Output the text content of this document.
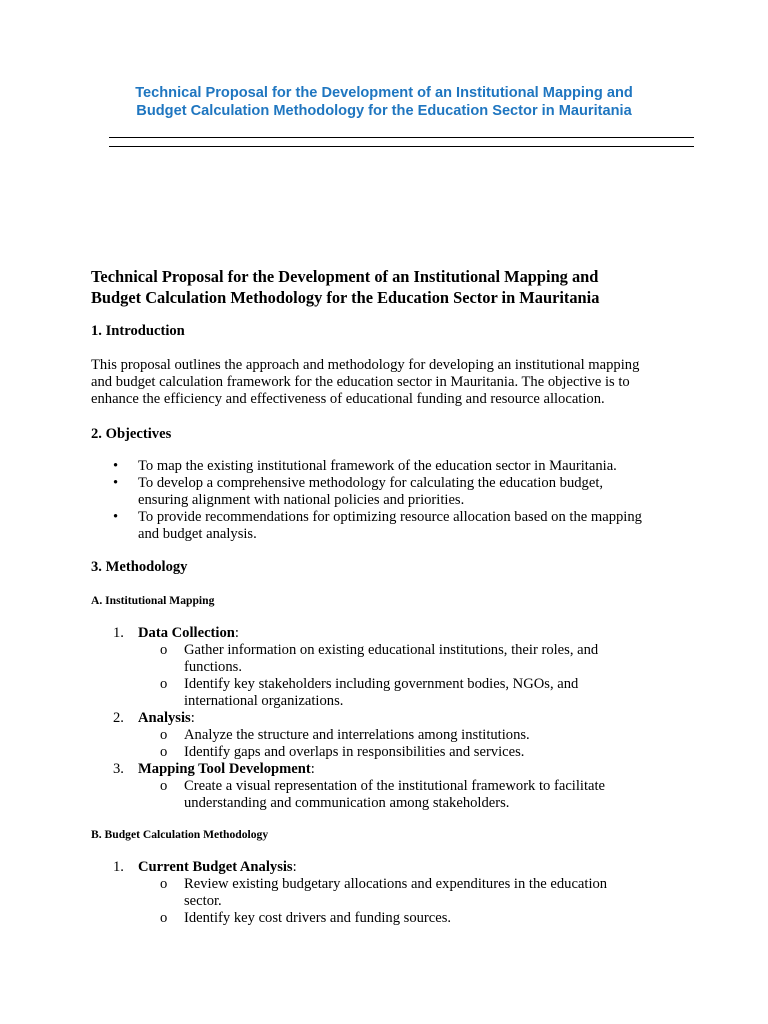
Technical Proposal for the Development of an Institutional Mapping and
Budget Calculation Methodology for the Education Sector in Mauritania
Technical Proposal for the Development of an Institutional Mapping and
Budget Calculation Methodology for the Education Sector in Mauritania
1. Introduction
This proposal outlines the approach and methodology for developing an institutional mapping
and budget calculation framework for the education sector in Mauritania. The objective is to
enhance the efficiency and effectiveness of educational funding and resource allocation.
2. Objectives
• To map the existing institutional framework of the education sector in Mauritania.
• To develop a comprehensive methodology for calculating the education budget,
ensuring alignment with national policies and priorities.
• To provide recommendations for optimizing resource allocation based on the mapping
and budget analysis.
3. Methodology
A. Institutional Mapping
1. Data Collection:
o Gather information on existing educational institutions, their roles, and
functions.
o Identify key stakeholders including government bodies, NGOs, and
international organizations.
2. Analysis:
o Analyze the structure and interrelations among institutions.
o Identify gaps and overlaps in responsibilities and services.
3. Mapping Tool Development:
o Create a visual representation of the institutional framework to facilitate
understanding and communication among stakeholders.
B. Budget Calculation Methodology
1. Current Budget Analysis:
o Review existing budgetary allocations and expenditures in the education
sector.
o Identify key cost drivers and funding sources.
